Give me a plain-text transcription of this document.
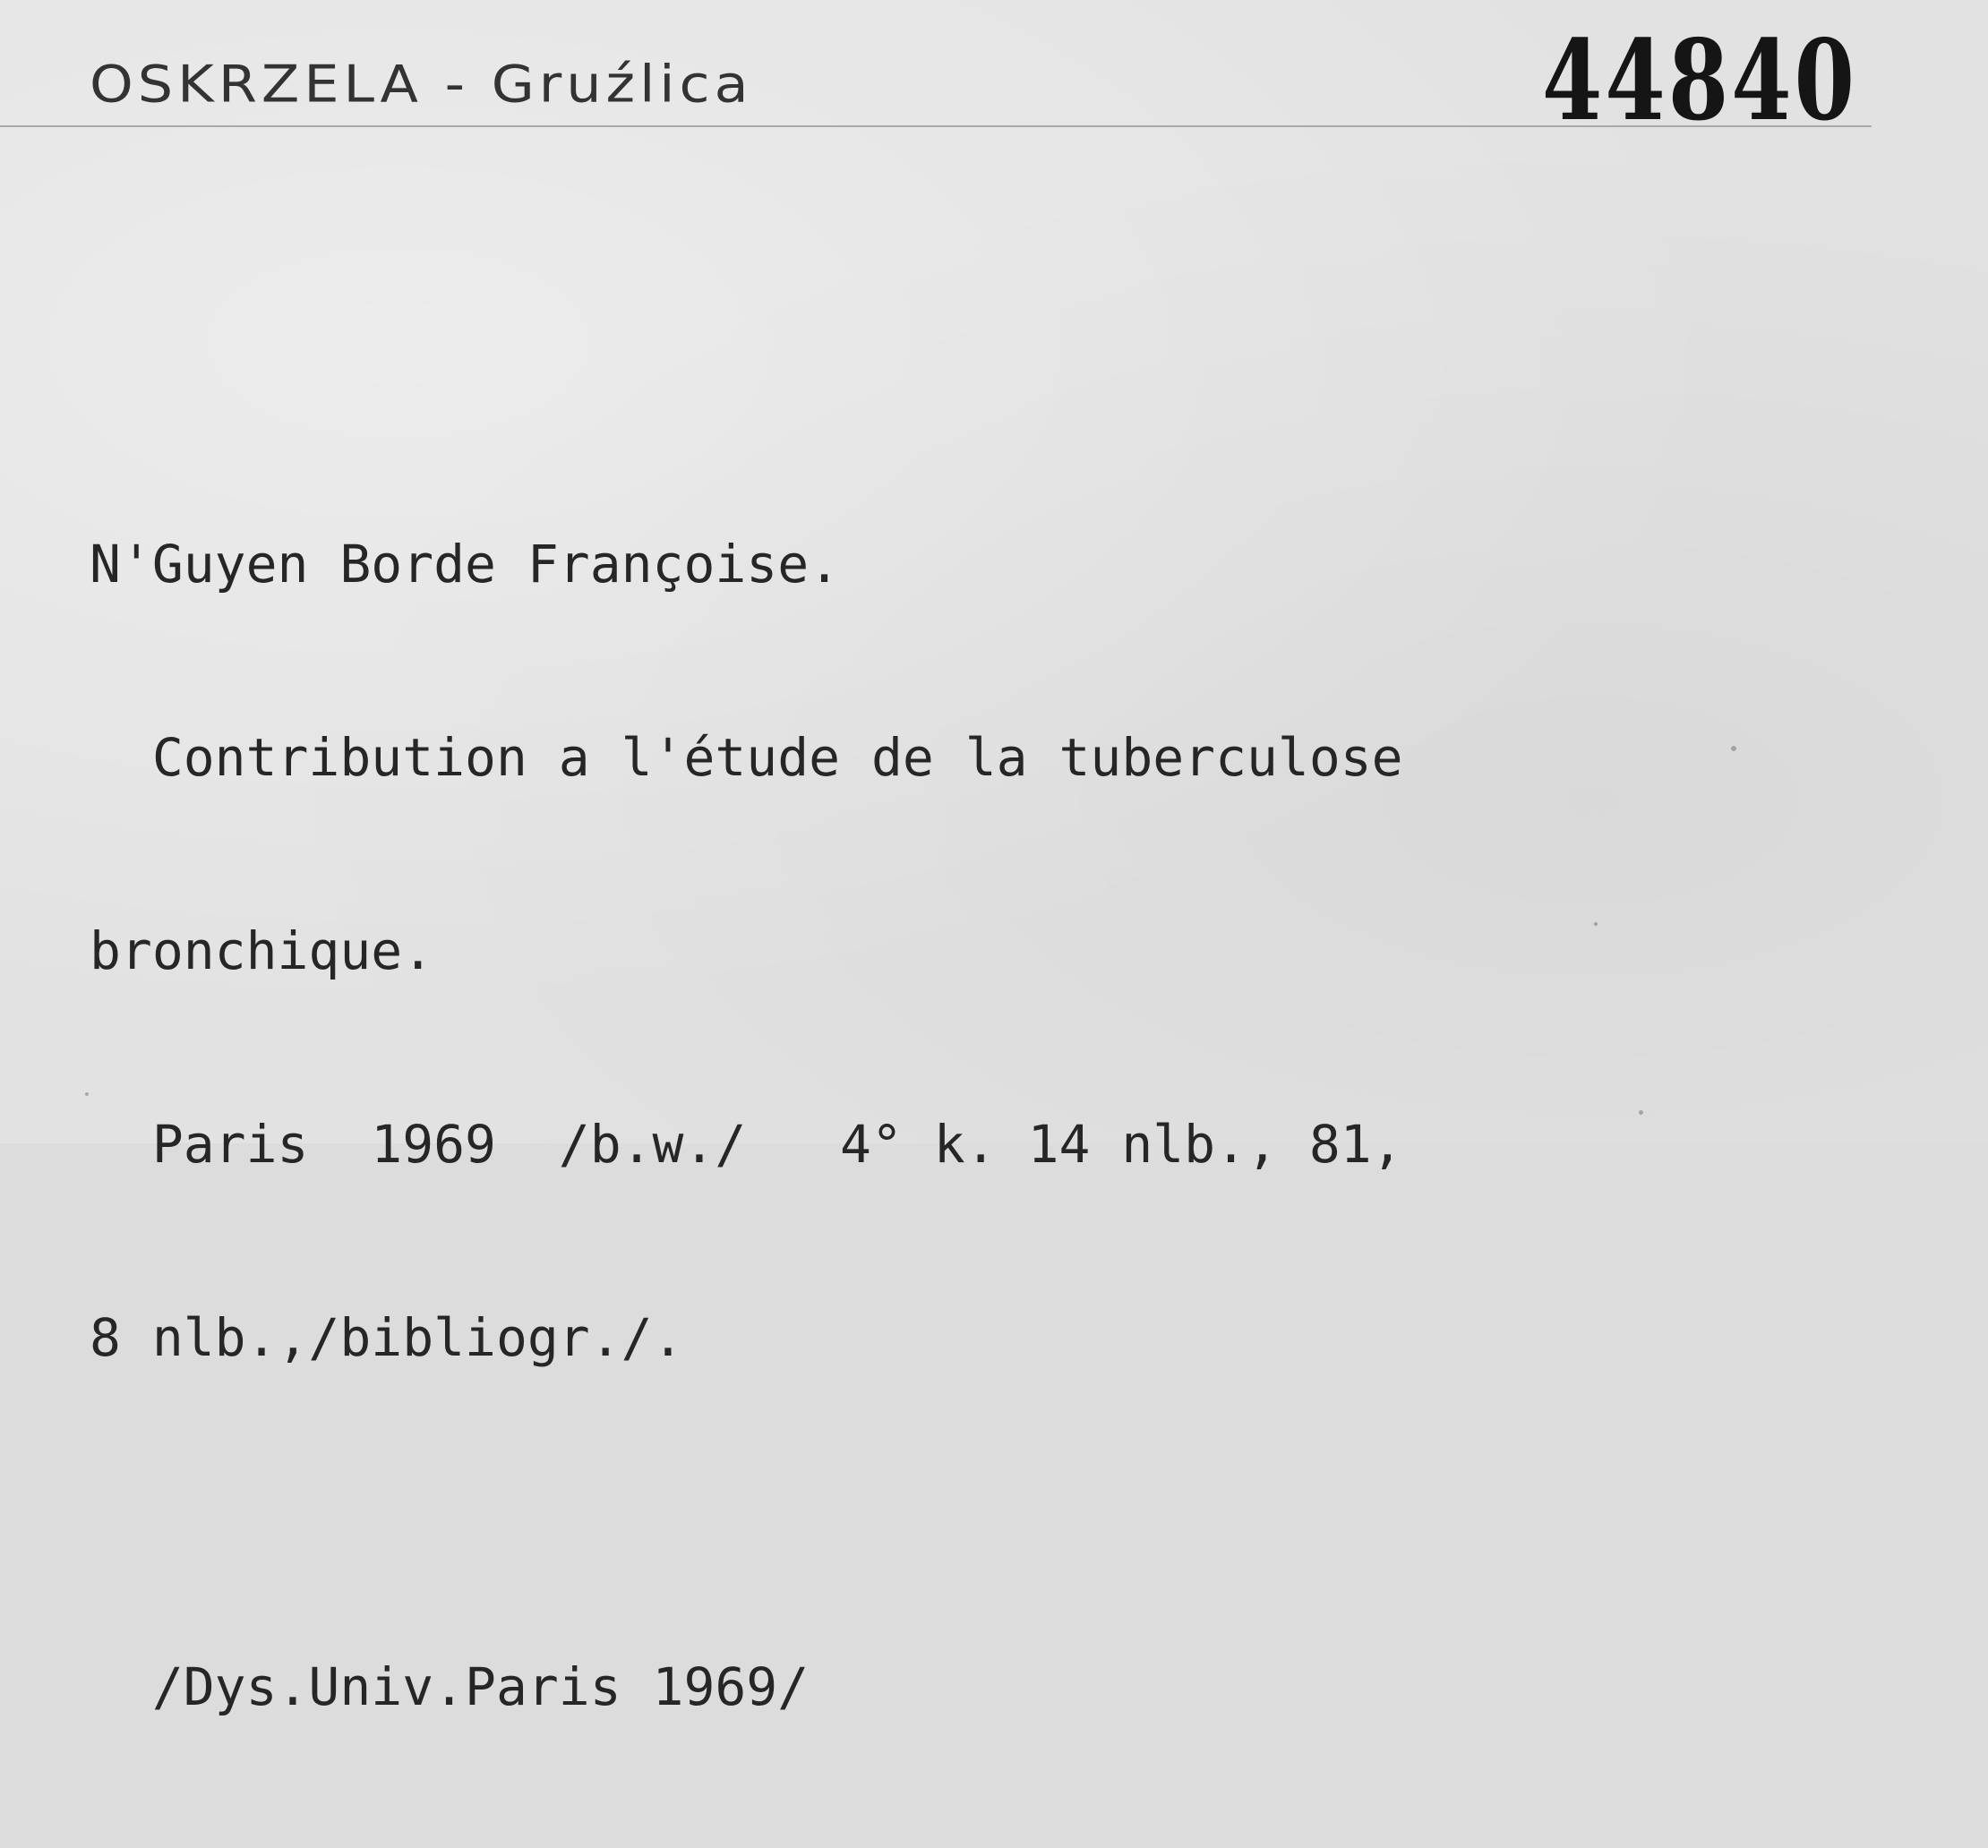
OSKRZELA - Gruźlica	44840

N'Guyen Borde Françoise.

Contribution a l'étude de la tuberculose

bronchique.

Paris  1969  /b.w./   4° k. 14 nlb., 81,

8 nlb.,/bibliogr./.

/Dys.Univ.Paris 1969/
